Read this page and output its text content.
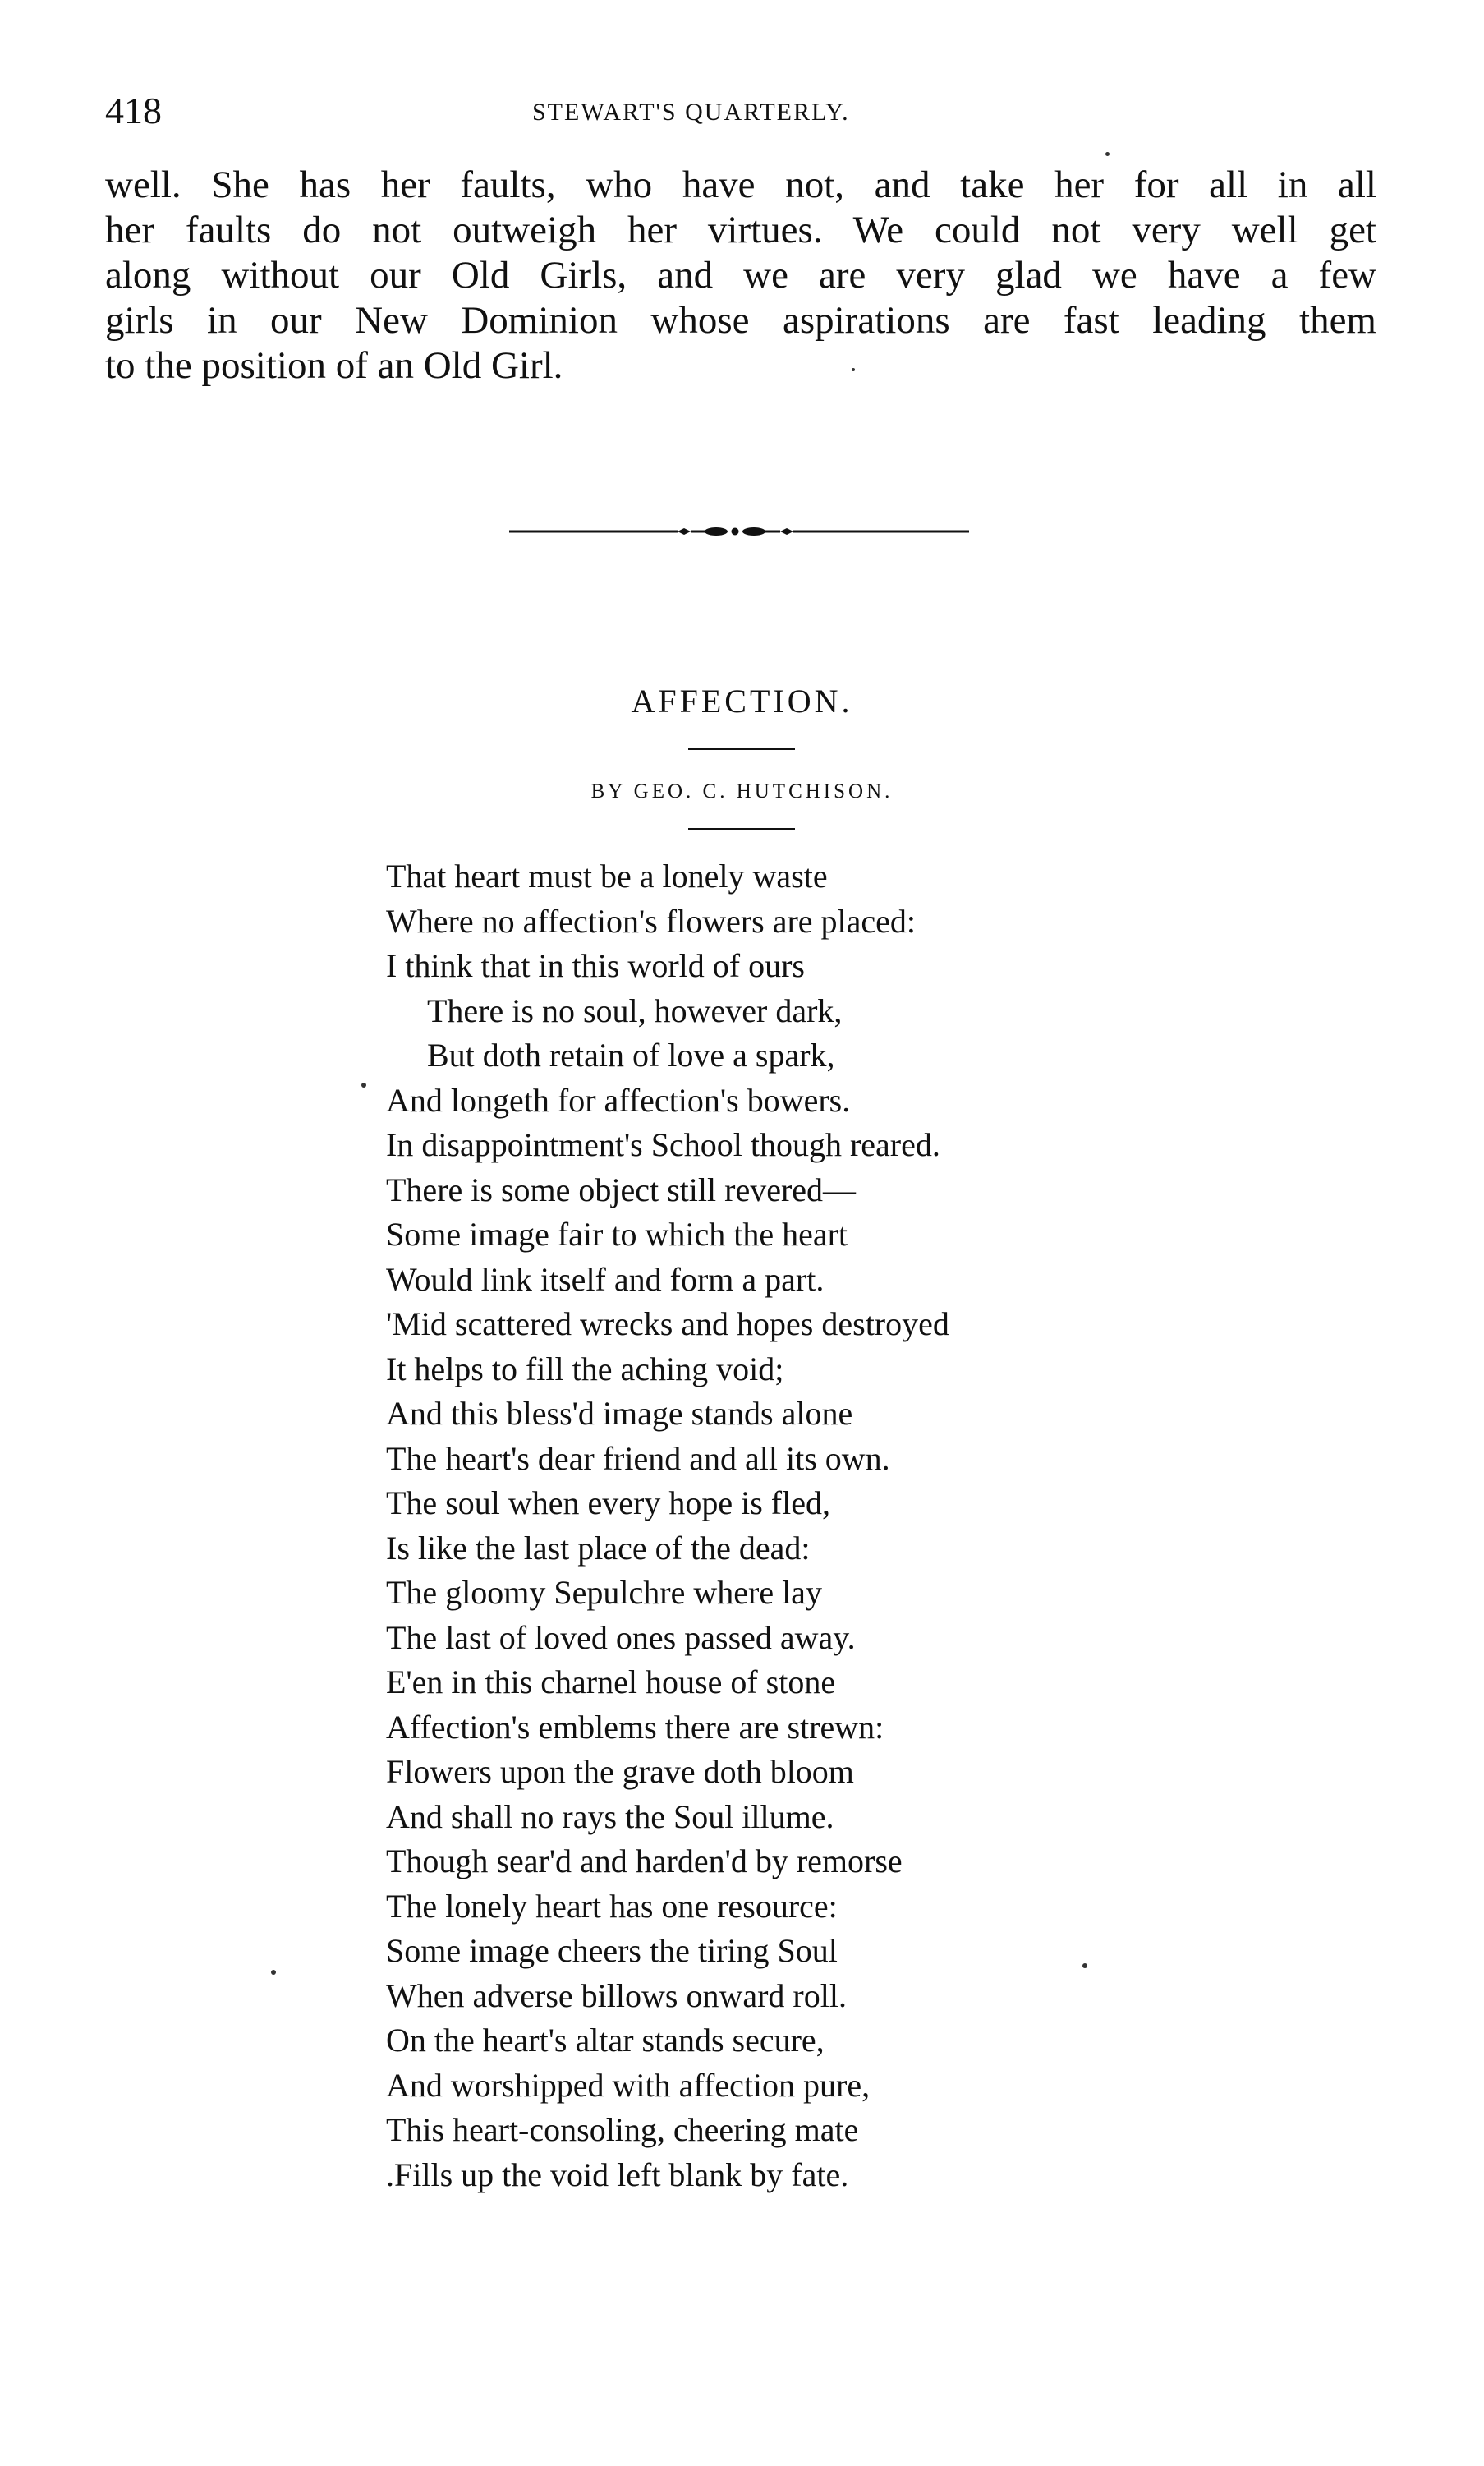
418	STEWART'S QUARTERLY.
well. She has her faults, who have not, and take her for all in all
her faults do not outweigh her virtues. We could not very well get
along without our Old Girls, and we are very glad we have a few
girls in our New Dominion whose aspirations are fast leading them
to the position of an Old Girl.
AFFECTION.
BY GEO. C. HUTCHISON.
That heart must be a lonely waste
Where no affection's flowers are placed:
I think that in this world of ours
There is no soul, however dark,
But doth retain of love a spark,
And longeth for affection's bowers.
In disappointment's School though reared.
There is some object still revered—
Some image fair to which the heart
Would link itself and form a part.
'Mid scattered wrecks and hopes destroyed
It helps to fill the aching void;
And this bless'd image stands alone
The heart's dear friend and all its own.
The soul when every hope is fled,
Is like the last place of the dead:
The gloomy Sepulchre where lay
The last of loved ones passed away.
E'en in this charnel house of stone
Affection's emblems there are strewn:
Flowers upon the grave doth bloom
And shall no rays the Soul illume.
Though sear'd and harden'd by remorse
The lonely heart has one resource:
Some image cheers the tiring Soul
When adverse billows onward roll.
On the heart's altar stands secure,
And worshipped with affection pure,
This heart-consoling, cheering mate
.Fills up the void left blank by fate.
